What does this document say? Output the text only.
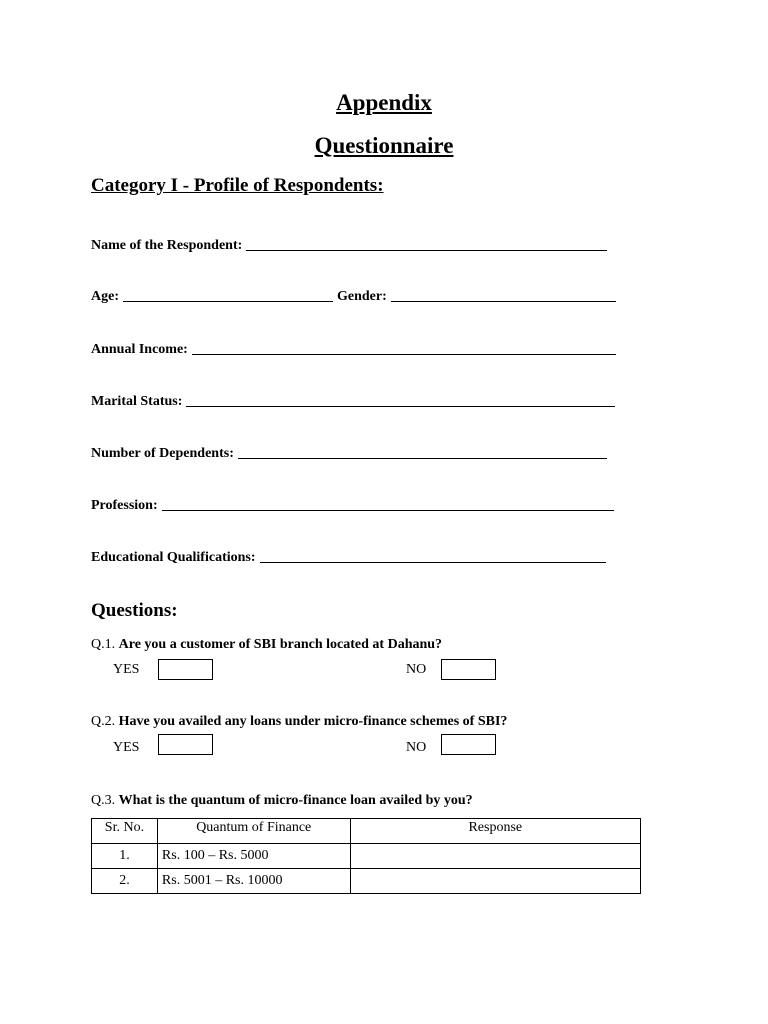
Appendix
Questionnaire
Category I - Profile of Respondents:
Name of the Respondent:
Age:	Gender:
Annual Income:
Marital Status:
Number of Dependents:
Profession:
Educational Qualifications:
Questions:
Q.1. Are you a customer of SBI branch located at Dahanu?
YES	NO
Q.2. Have you availed any loans under micro-finance schemes of SBI?
YES	NO
Q.3. What is the quantum of micro-finance loan availed by you?
Sr. No.	Quantum of Finance	Response
1.	Rs. 100 – Rs. 5000	
2.	Rs. 5001 – Rs. 10000	
